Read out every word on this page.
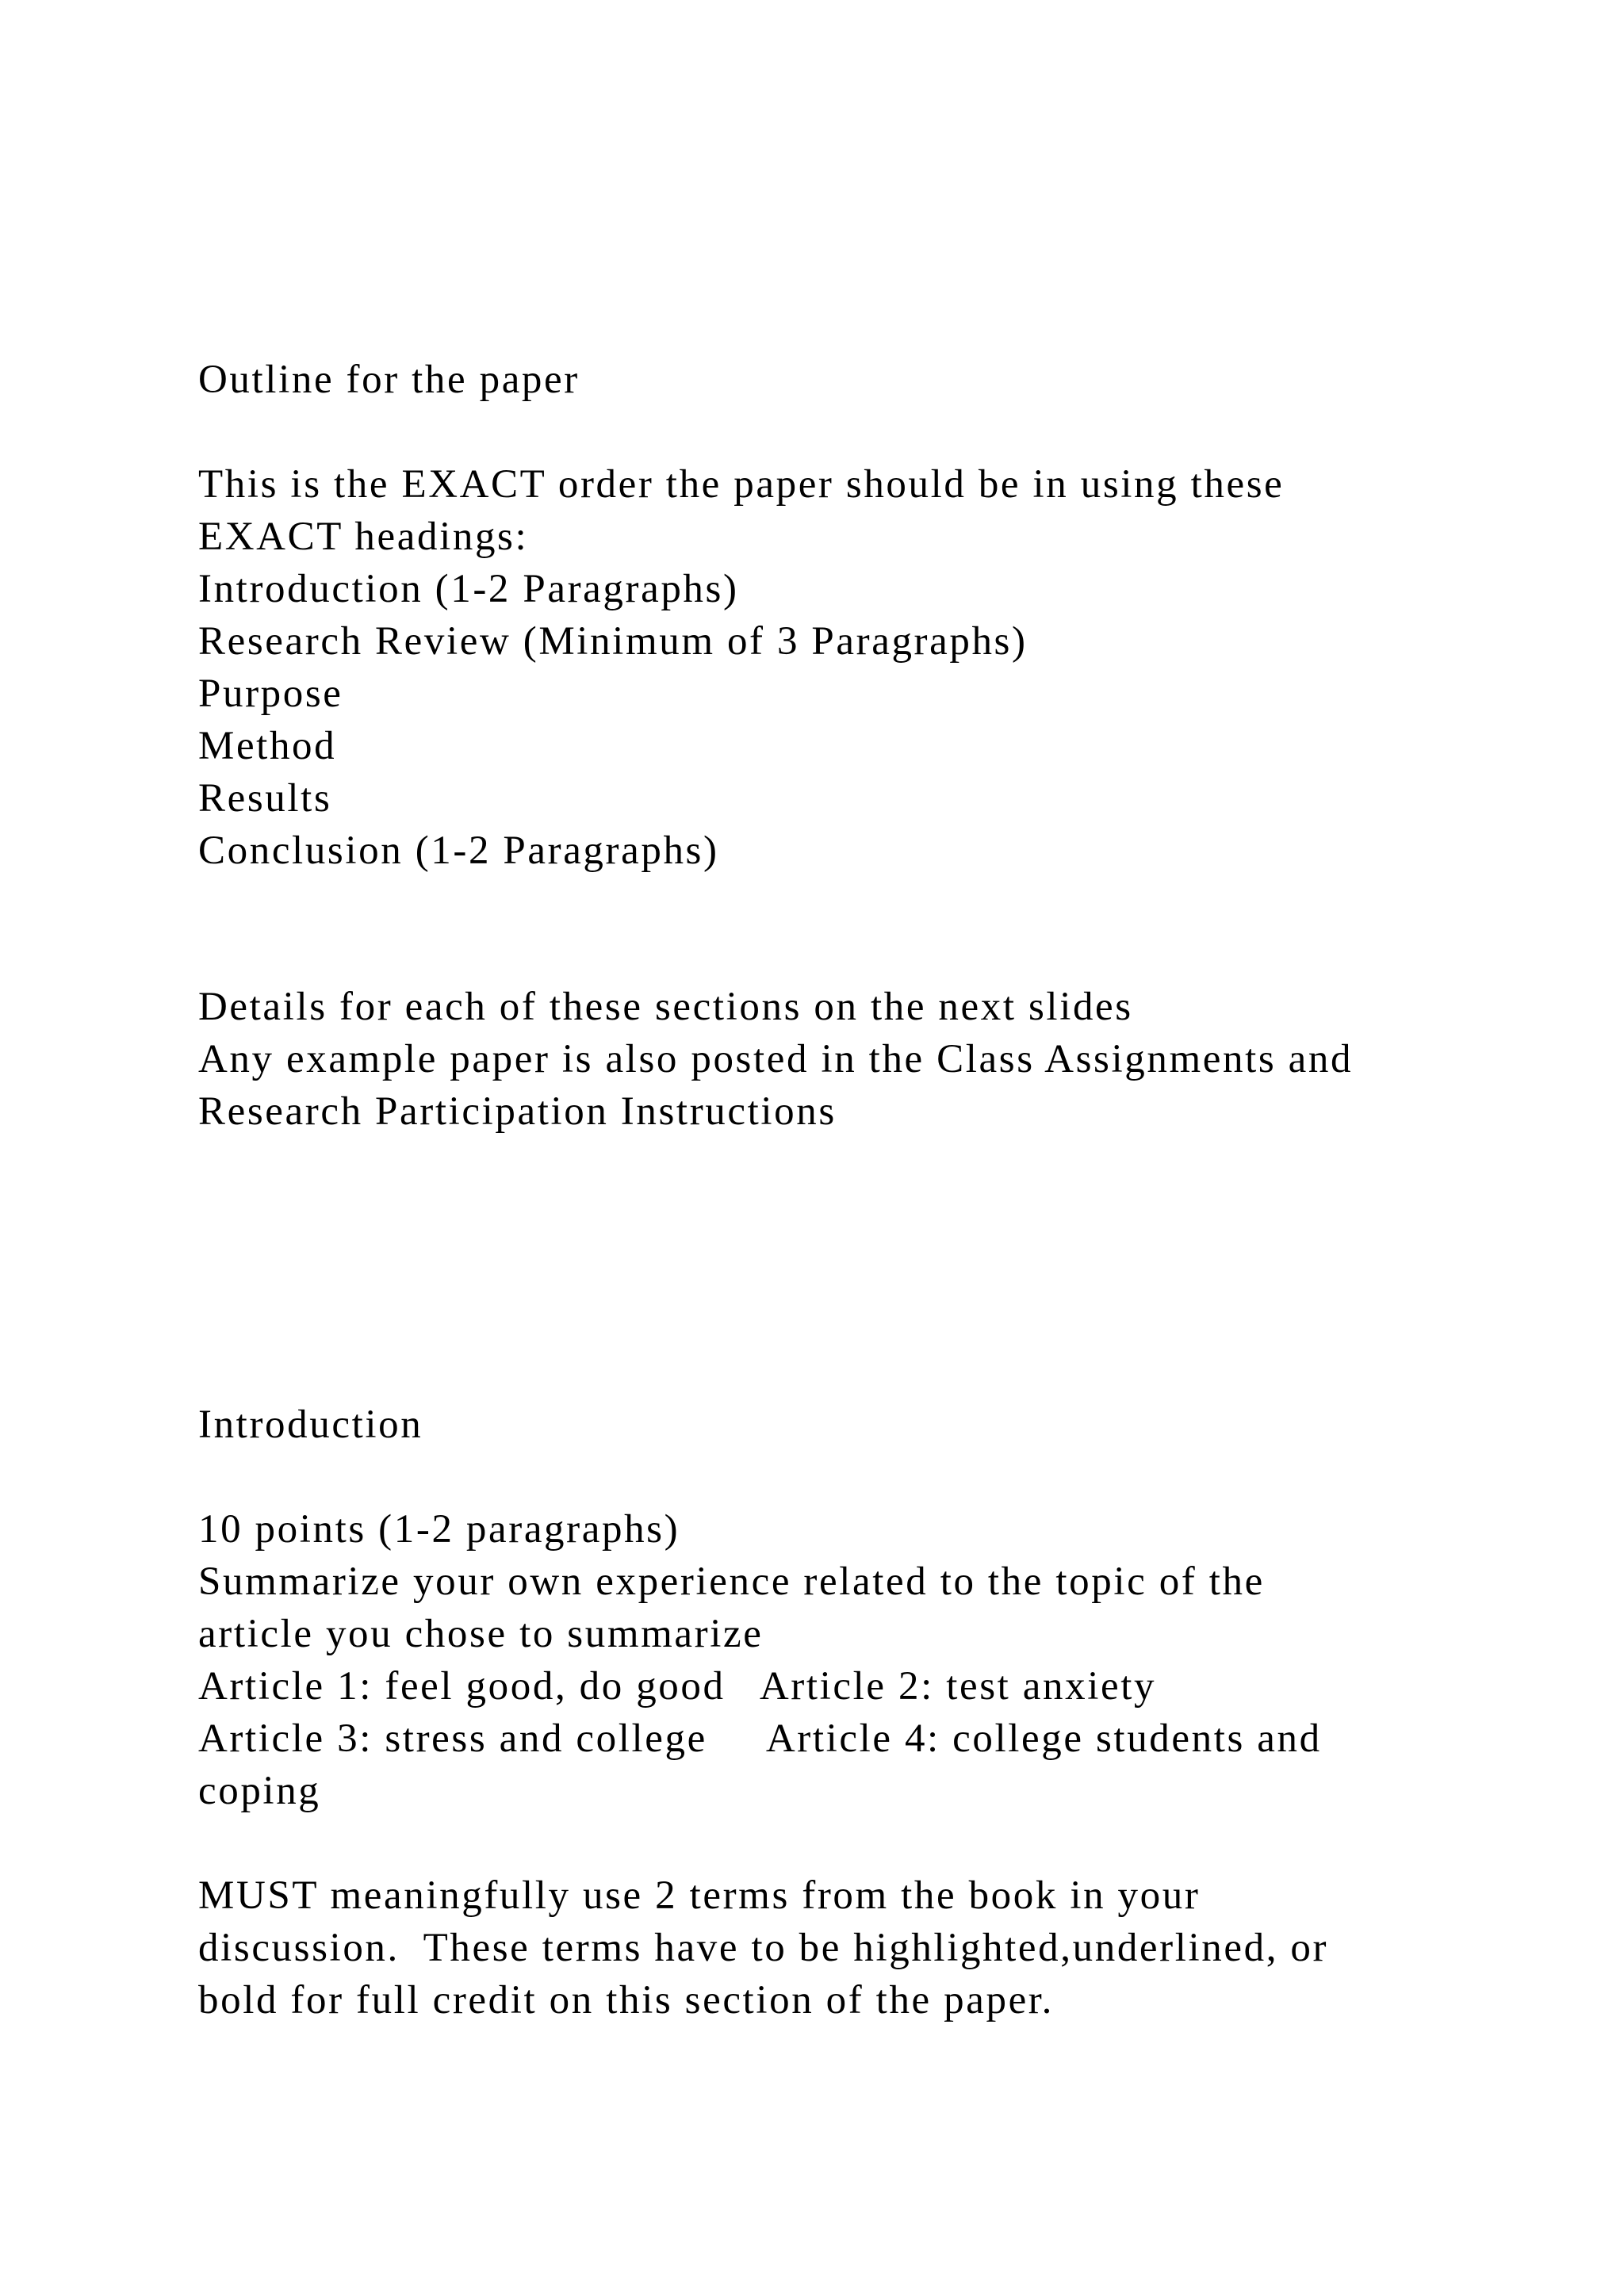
Outline for the paper

This is the EXACT order the paper should be in using these

EXACT headings:

Introduction (1-2 Paragraphs)

Research Review (Minimum of 3 Paragraphs)

Purpose

Method

Results

Conclusion (1-2 Paragraphs)

Details for each of these sections on the next slides

Any example paper is also posted in the Class Assignments and

Research Participation Instructions

Introduction

10 points (1-2 paragraphs)

Summarize your own experience related to the topic of the

article you chose to summarize

Article 1: feel good, do good   Article 2: test anxiety

Article 3: stress and college     Article 4: college students and

coping

MUST meaningfully use 2 terms from the book in your

discussion.  These terms have to be highlighted,underlined, or

bold for full credit on this section of the paper.
